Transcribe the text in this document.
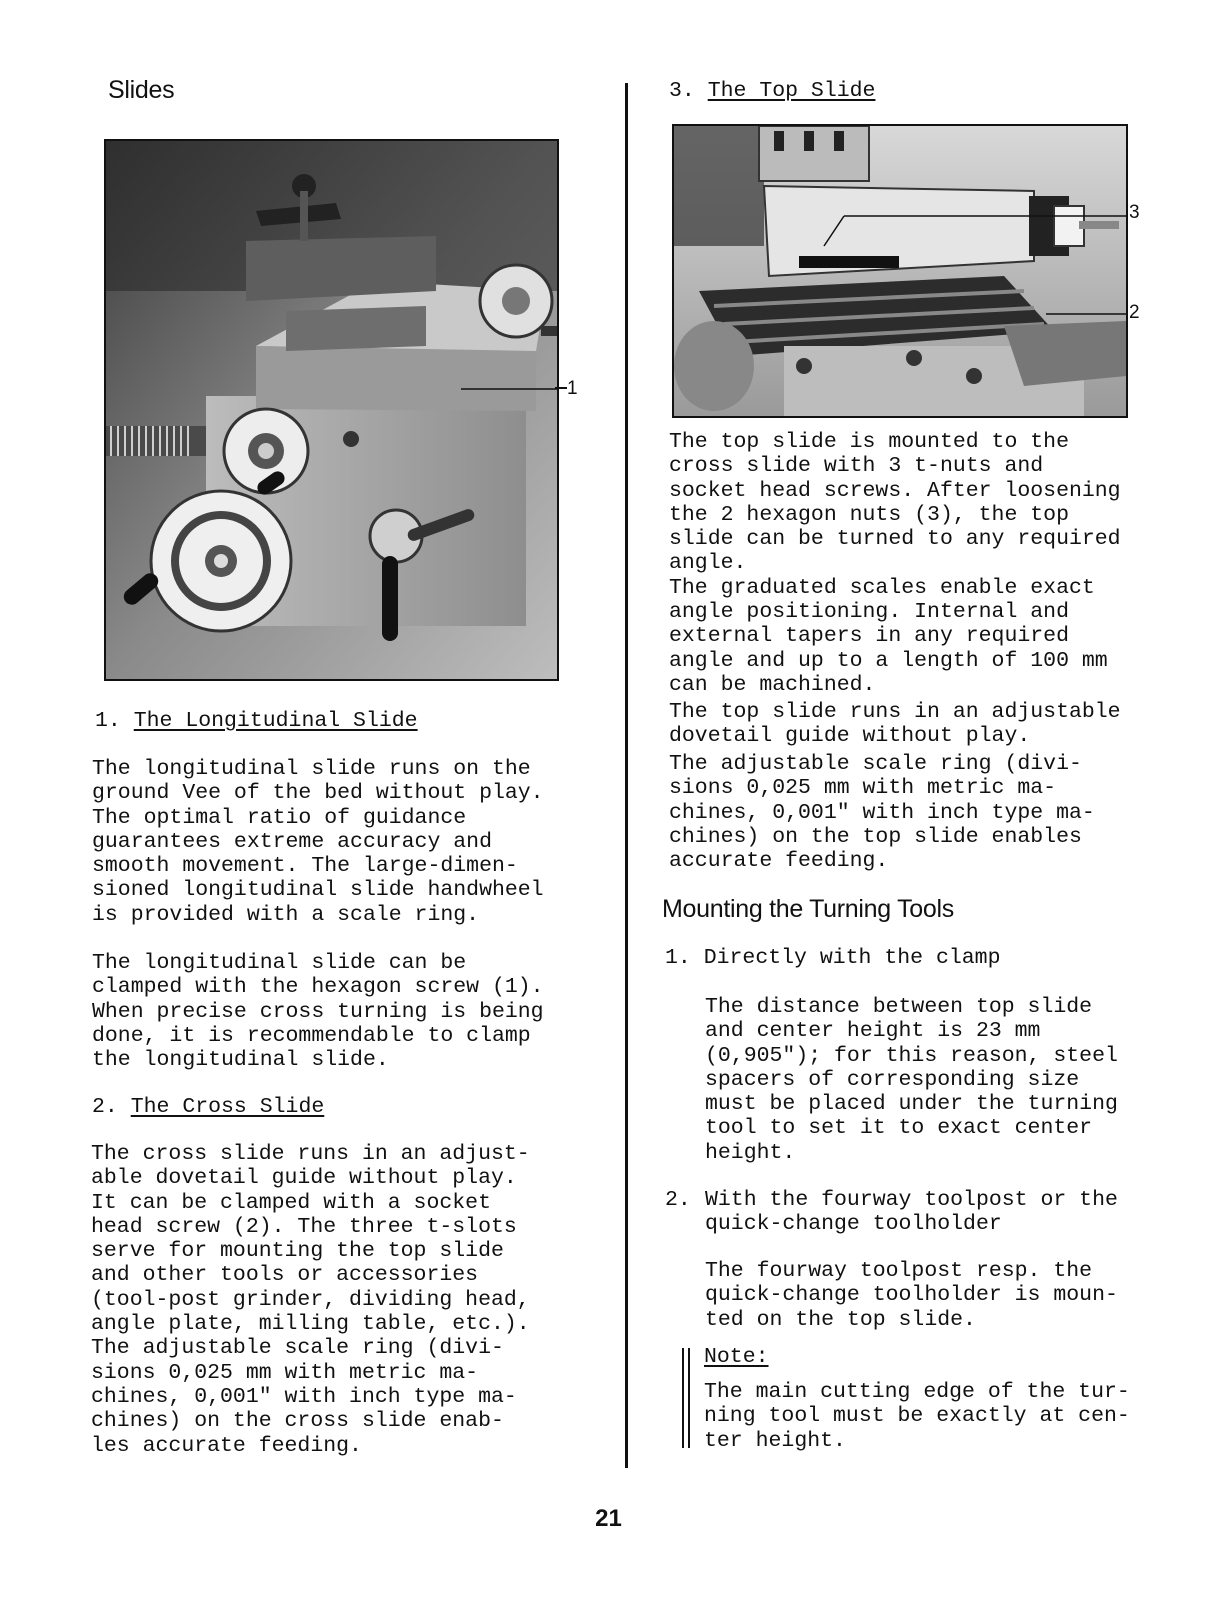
Slides
1
1. The Longitudinal Slide

The longitudinal slide runs on the
ground Vee of the bed without play.
The optimal ratio of guidance
guarantees extreme accuracy and
smooth movement. The large-dimen-
sioned longitudinal slide handwheel
is provided with a scale ring.

The longitudinal slide can be
clamped with the hexagon screw (1).
When precise cross turning is being
done, it is recommendable to clamp
the longitudinal slide.

2. The Cross Slide

The cross slide runs in an adjust-
able dovetail guide without play.
It can be clamped with a socket
head screw (2). The three t-slots
serve for mounting the top slide
and other tools or accessories
(tool-post grinder, dividing head,
angle plate, milling table, etc.).
The adjustable scale ring (divi-
sions 0,025 mm with metric ma-
chines, 0,001" with inch type ma-
chines) on the cross slide enab-
les accurate feeding.

3. The Top Slide
3
2

The top slide is mounted to the
cross slide with 3 t-nuts and
socket head screws. After loosening
the 2 hexagon nuts (3), the top
slide can be turned to any required
angle.
The graduated scales enable exact
angle positioning. Internal and
external tapers in any required
angle and up to a length of 100 mm
can be machined.

The top slide runs in an adjustable
dovetail guide without play.

The adjustable scale ring (divi-
sions 0,025 mm with metric ma-
chines, 0,001" with inch type ma-
chines) on the top slide enables
accurate feeding.

Mounting the Turning Tools
1. Directly with the clamp

The distance between top slide
and center height is 23 mm
(0,905"); for this reason, steel
spacers of corresponding size
must be placed under the turning
tool to set it to exact center
height.

2. With the fourway toolpost or the
quick-change toolholder

The fourway toolpost resp. the
quick-change toolholder is moun-
ted on the top slide.

Note:

The main cutting edge of the tur-
ning tool must be exactly at cen-
ter height.

21
